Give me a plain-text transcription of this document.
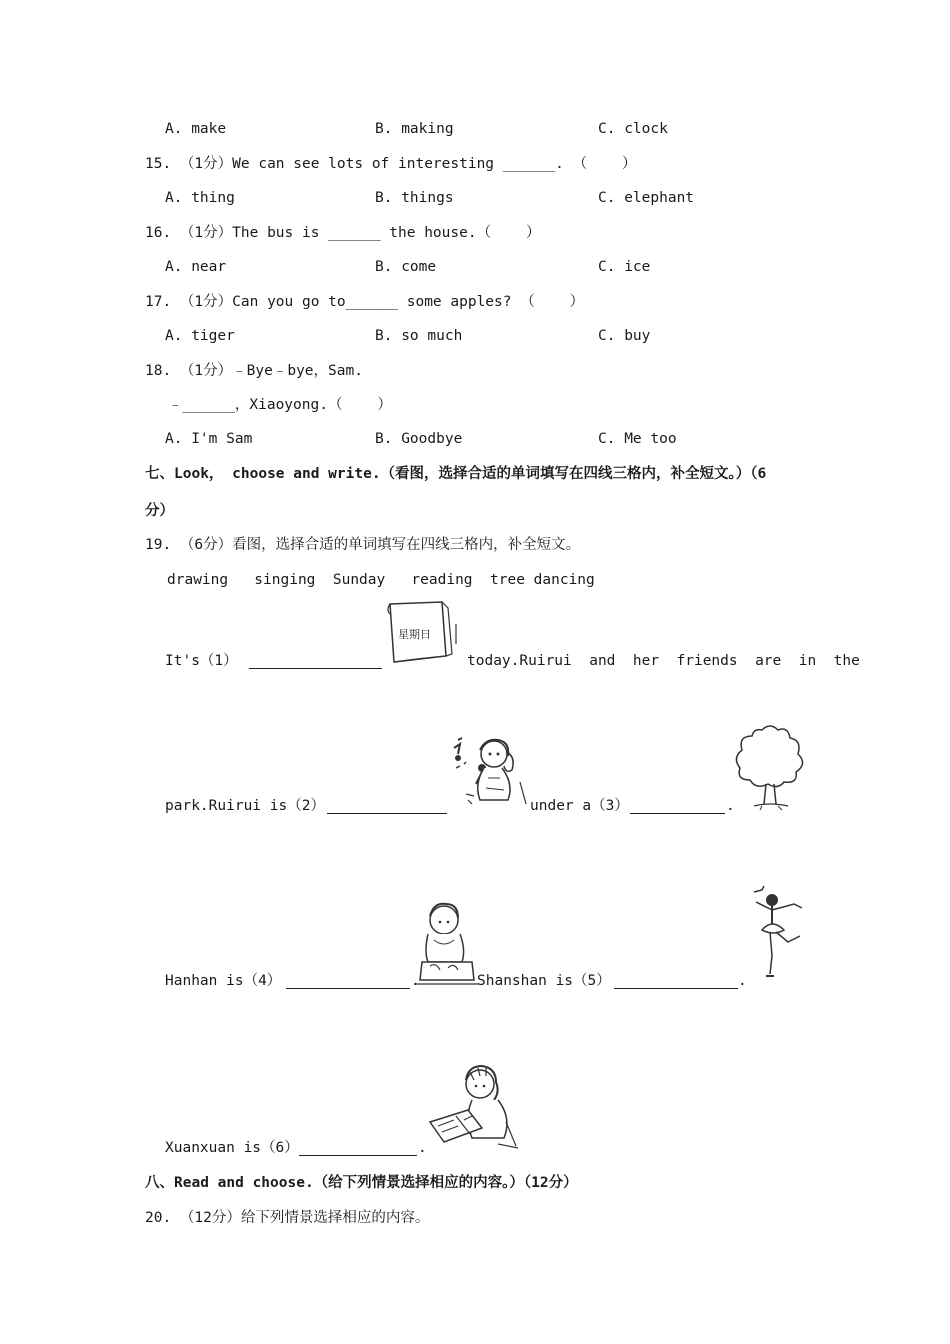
A. make	B. making	C. clock
15. （1分）We can see lots of interesting ______. （    ）
A. thing	B. things	C. elephant
16. （1分）The bus is ______ the house.（    ）
A. near	B. come	C. ice
17. （1分）Can you go to______ some apples? （    ）
A. tiger	B. so much	C. buy
18. （1分）﹣Bye﹣bye，Sam.
﹣______，Xiaoyong.（    ）
A. I'm Sam	B. Goodbye	C. Me too
七、Look， choose and write.（看图，选择合适的单词填写在四线三格内，补全短文。）（6
分）
19. （6分）看图，选择合适的单词填写在四线三格内，补全短文。
drawing   singing  Sunday   reading  tree dancing
It's（1）
星期日
today.Ruirui  and  her  friends  are  in  the
park.Ruirui is（2）	under a（3）	.
Hanhan is（4）	.	Shanshan is（5）	.
Xuanxuan is（6）	.
八、Read and choose.（给下列情景选择相应的内容。）（12分）
20. （12分）给下列情景选择相应的内容。
